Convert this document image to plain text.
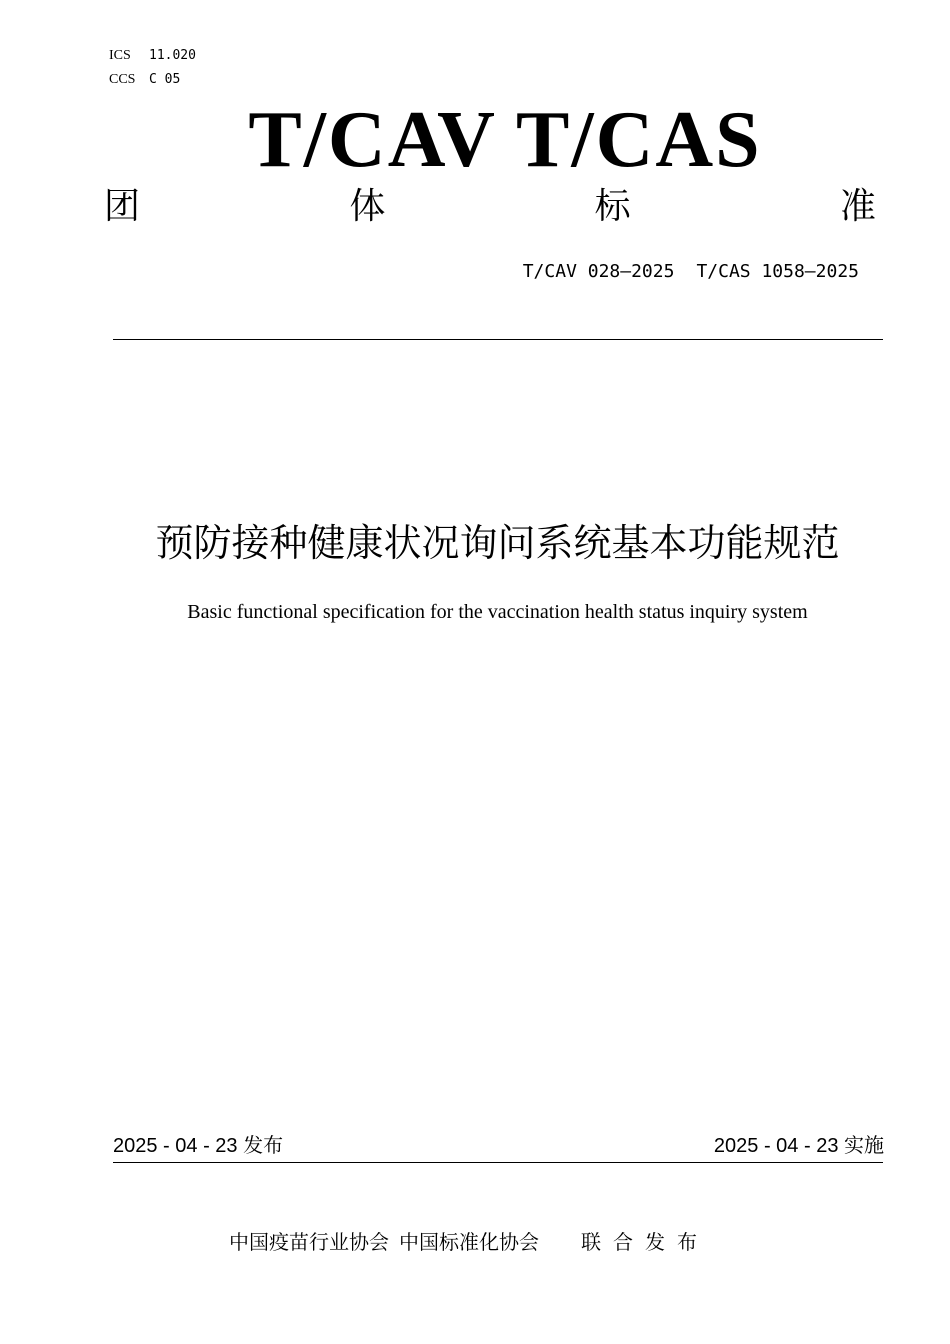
ICS 11.020
CCS C 05
T/CAV T/CAS
团	体	标	准
T/CAV 028—2025 T/CAS 1058—2025
预防接种健康状况询问系统基本功能规范
Basic functional specification for the vaccination health status inquiry system
2025 - 04 - 23 发布	2025 - 04 - 23 实施
中国疫苗行业协会 中国标准化协会 联合发布
